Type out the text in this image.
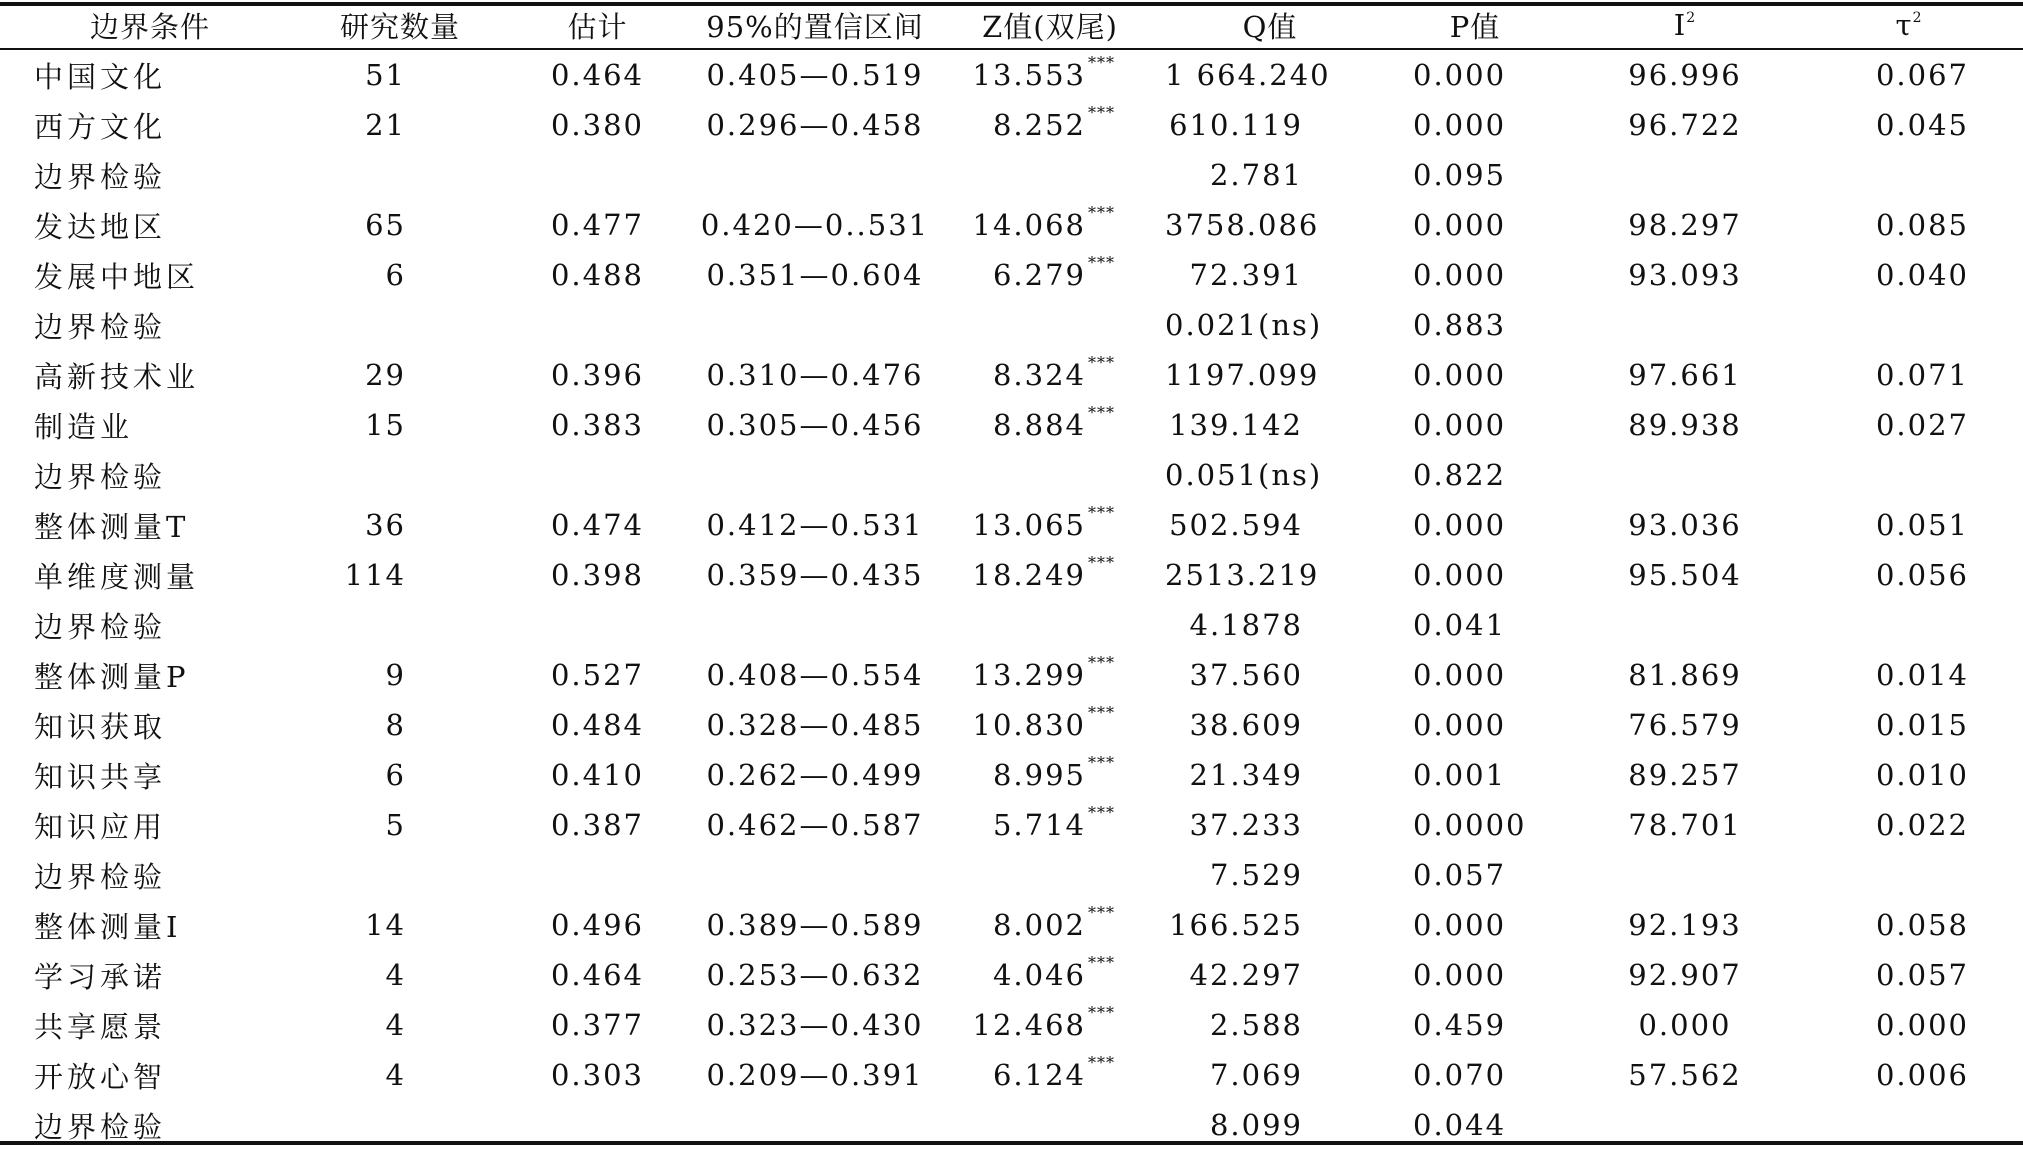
边界条件	研究数量	估计	95%的置信区间	Z值(双尾)	Q值	P值	$I^2$	$\tau^2$
中国文化	51	0.464	0.405—0.519	13.553 ***	1 664.240	0.000	96.996	0.067
西方文化	21	0.380	0.296—0.458	8.252 ***	610.119	0.000	96.722	0.045
边界检验					2.781	0.095		
发达地区	65	0.477	0.420—0..531	14.068 ***	3758.086	0.000	98.297	0.085
发展中地区	6	0.488	0.351—0.604	6.279 ***	72.391	0.000	93.093	0.040
边界检验					0.021(ns)	0.883		
高新技术业	29	0.396	0.310—0.476	8.324 ***	1197.099	0.000	97.661	0.071
制造业	15	0.383	0.305—0.456	8.884 ***	139.142	0.000	89.938	0.027
边界检验					0.051(ns)	0.822		
整体测量T	36	0.474	0.412—0.531	13.065 ***	502.594	0.000	93.036	0.051
单维度测量	114	0.398	0.359—0.435	18.249 ***	2513.219	0.000	95.504	0.056
边界检验					4.1878	0.041		
整体测量P	9	0.527	0.408—0.554	13.299 ***	37.560	0.000	81.869	0.014
知识获取	8	0.484	0.328—0.485	10.830 ***	38.609	0.000	76.579	0.015
知识共享	6	0.410	0.262—0.499	8.995 ***	21.349	0.001	89.257	0.010
知识应用	5	0.387	0.462—0.587	5.714 ***	37.233	0.0000	78.701	0.022
边界检验					7.529	0.057		
整体测量I	14	0.496	0.389—0.589	8.002 ***	166.525	0.000	92.193	0.058
学习承诺	4	0.464	0.253—0.632	4.046 ***	42.297	0.000	92.907	0.057
共享愿景	4	0.377	0.323—0.430	12.468 ***	2.588	0.459	0.000	0.000
开放心智	4	0.303	0.209—0.391	6.124 ***	7.069	0.070	57.562	0.006
边界检验					8.099	0.044		
